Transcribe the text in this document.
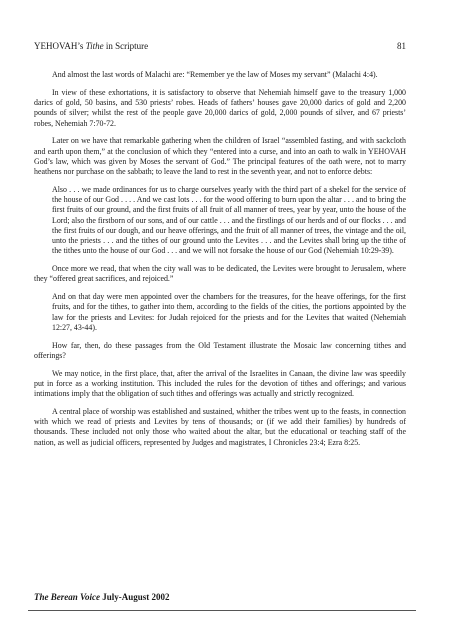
YEHOVAH’s Tithe in Scripture	81

And almost the last words of Malachi are: “Remember ye the law of Moses my servant” (Malachi 4:4).

In view of these exhortations, it is satisfactory to observe that Nehemiah himself gave to the treasury 1,000 darics of gold, 50 basins, and 530 priests’ robes. Heads of fathers’ houses gave 20,000 darics of gold and 2,200 pounds of silver; whilst the rest of the people gave 20,000 darics of gold, 2,000 pounds of silver, and 67 priests’ robes, Nehemiah 7:70-72.

Later on we have that remarkable gathering when the children of Israel “assembled fasting, and with sackcloth and earth upon them,” at the conclusion of which they “entered into a curse, and into an oath to walk in YEHOVAH God’s law, which was given by Moses the servant of God.” The principal features of the oath were, not to marry heathens nor purchase on the sabbath; to leave the land to rest in the seventh year, and not to enforce debts:

Also . . . we made ordinances for us to charge ourselves yearly with the third part of a shekel for the service of the house of our God . . . . And we cast lots . . . for the wood offering to burn upon the altar . . . and to bring the first fruits of our ground, and the first fruits of all fruit of all manner of trees, year by year, unto the house of the Lord; also the firstborn of our sons, and of our cattle . . . and the firstlings of our herds and of our flocks . . . and the first fruits of our dough, and our heave offerings, and the fruit of all manner of trees, the vintage and the oil, unto the priests . . . and the tithes of our ground unto the Levites . . . and the Levites shall bring up the tithe of the tithes unto the house of our God . . . and we will not forsake the house of our God (Nehemiah 10:29-39).

Once more we read, that when the city wall was to be dedicated, the Levites were brought to Jerusalem, where they “offered great sacrifices, and rejoiced.”

And on that day were men appointed over the chambers for the treasures, for the heave offerings, for the first fruits, and for the tithes, to gather into them, according to the fields of the cities, the portions appointed by the law for the priests and Levites: for Judah rejoiced for the priests and for the Levites that waited (Nehemiah 12:27, 43-44).

How far, then, do these passages from the Old Testament illustrate the Mosaic law concerning tithes and offerings?

We may notice, in the first place, that, after the arrival of the Israelites in Canaan, the divine law was speedily put in force as a working institution. This included the rules for the devotion of tithes and offerings; and various intimations imply that the obligation of such tithes and offerings was actually and strictly recognized.

A central place of worship was established and sustained, whither the tribes went up to the feasts, in connection with which we read of priests and Levites by tens of thousands; or (if we add their families) by hundreds of thousands. These included not only those who waited about the altar, but the educational or teaching staff of the nation, as well as judicial officers, represented by Judges and magistrates, I Chronicles 23:4; Ezra 8:25.

The Berean Voice July-August 2002
